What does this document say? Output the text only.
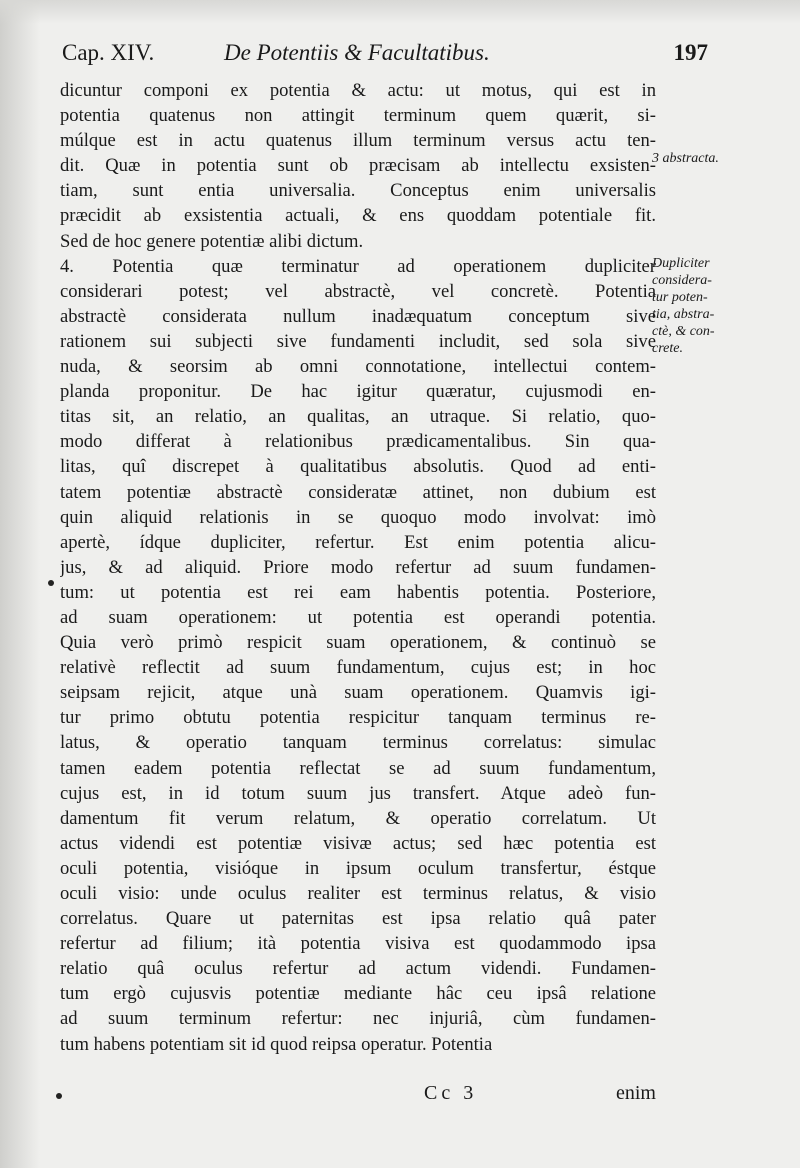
Cap. XIV.	De Potentiis & Facultatibus.	197
dicuntur componi ex potentia & actu: ut motus, qui est in
potentia quatenus non attingit terminum quem quærit, si-
múlque est in actu quatenus illum terminum versus actu ten-
dit. Quæ in potentia sunt ob præcisam ab intellectu exsisten-
tiam, sunt entia universalia. Conceptus enim universalis
præcidit ab exsistentia actuali, & ens quoddam potentiale fit.
Sed de hoc genere potentiæ alibi dictum.
4. Potentia quæ terminatur ad operationem dupliciter
considerari potest; vel abstractè, vel concretè. Potentia
abstractè considerata nullum inadæquatum conceptum sive
rationem sui subjecti sive fundamenti includit, sed sola sive
nuda, & seorsim ab omni connotatione, intellectui contem-
planda proponitur. De hac igitur quæratur, cujusmodi en-
titas sit, an relatio, an qualitas, an utraque. Si relatio, quo-
modo differat à relationibus prædicamentalibus. Sin qua-
litas, quî discrepet à qualitatibus absolutis. Quod ad enti-
tatem potentiæ abstractè consideratæ attinet, non dubium est
quin aliquid relationis in se quoquo modo involvat: imò
apertè, ídque dupliciter, refertur. Est enim potentia alicu-
jus, & ad aliquid. Priore modo refertur ad suum fundamen-
tum: ut potentia est rei eam habentis potentia. Posteriore,
ad suam operationem: ut potentia est operandi potentia.
Quia verò primò respicit suam operationem, & continuò se
relativè reflectit ad suum fundamentum, cujus est; in hoc
seipsam rejicit, atque unà suam operationem. Quamvis igi-
tur primo obtutu potentia respicitur tanquam terminus re-
latus, & operatio tanquam terminus correlatus: simulac
tamen eadem potentia reflectat se ad suum fundamentum,
cujus est, in id totum suum jus transfert. Atque adeò fun-
damentum fit verum relatum, & operatio correlatum. Ut
actus videndi est potentiæ visivæ actus; sed hæc potentia est
oculi potentia, visióque in ipsum oculum transfertur, éstque
oculi visio: unde oculus realiter est terminus relatus, & visio
correlatus. Quare ut paternitas est ipsa relatio quâ pater
refertur ad filium; ità potentia visiva est quodammodo ipsa
relatio quâ oculus refertur ad actum videndi. Fundamen-
tum ergò cujusvis potentiæ mediante hâc ceu ipsâ relatione
ad suum terminum refertur: nec injuriâ, cùm fundamen-
tum habens potentiam sit id quod reipsa operatur. Potentia
3 abstracta.
Dupliciter
considera-
tur poten-
tia, abstra-
ctè, & con-
crete.
Cc 3	enim
